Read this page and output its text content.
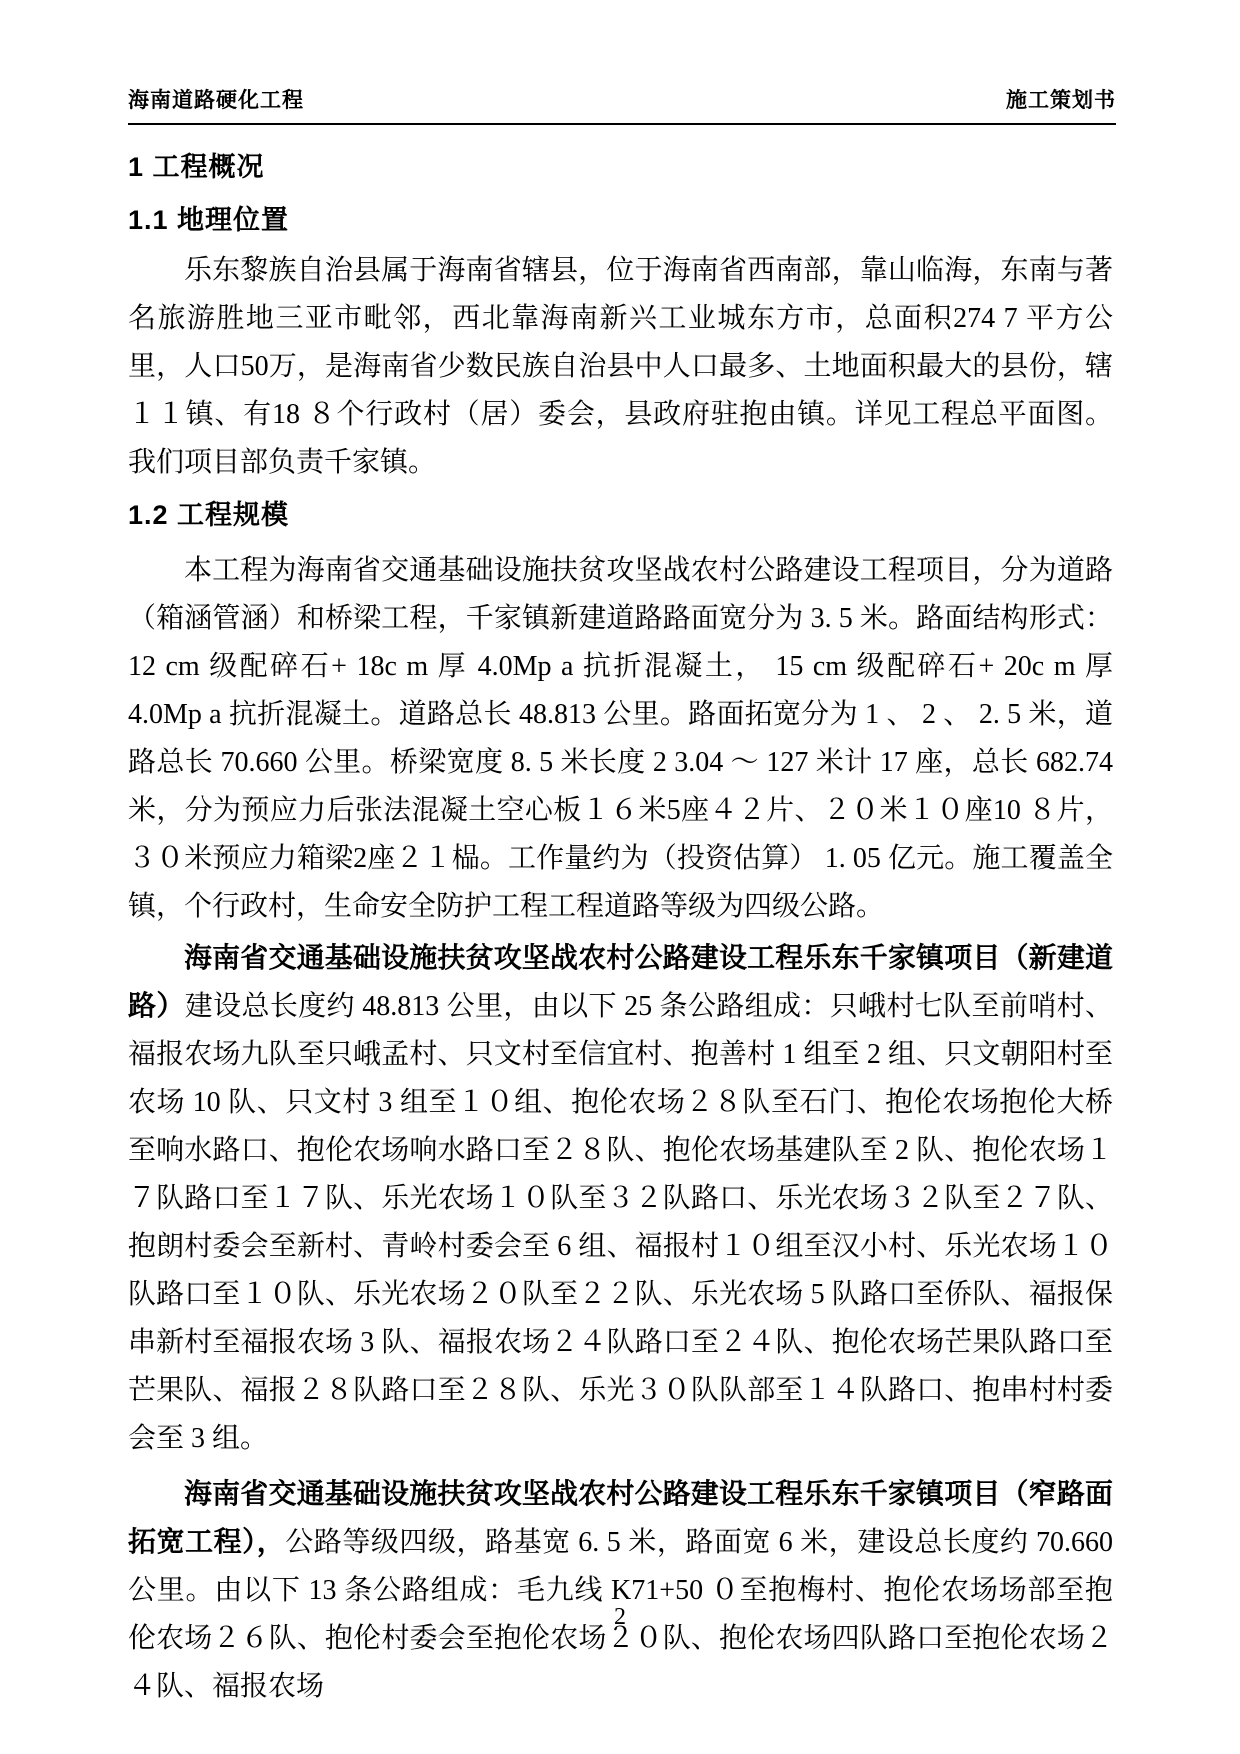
海南道路硬化工程	施工策划书
1 工程概况
1.1 地理位置

乐东黎族自治县属于海南省辖县，位于海南省西南部，靠山临海，东南与著名旅游胜地三亚市毗邻，西北靠海南新兴工业城东方市，总面积274 7 平方公里，人口50万，是海南省少数民族自治县中人口最多、土地面积最大的县份，辖１１镇、有18 ８个行政村（居）委会，县政府驻抱由镇。详见工程总平面图。我们项目部负责千家镇。

1.2 工程规模

本工程为海南省交通基础设施扶贫攻坚战农村公路建设工程项目，分为道路（箱涵管涵）和桥梁工程，千家镇新建道路路面宽分为 3. 5 米。路面结构形式： 12 cm 级配碎石+ 18c m 厚 4.0Mp a 抗折混凝土， 15 cm 级配碎石+ 20c m 厚 4.0Mp a 抗折混凝土。道路总长 48.813 公里。路面拓宽分为 1 、 2 、 2. 5 米，道路总长 70.660 公里。桥梁宽度 8. 5 米长度 2 3.04 ～ 127 米计 17 座，总长 682.74 米，分为预应力后张法混凝土空心板１６米5座４２片、２０米１０座10 ８片，３０米预应力箱梁2座２１榀。工作量约为（投资估算） 1. 05 亿元。施工覆盖全镇，个行政村，生命安全防护工程工程道路等级为四级公路。

海南省交通基础设施扶贫攻坚战农村公路建设工程乐东千家镇项目（新建道路）建设总长度约 48.813 公里，由以下 25 条公路组成：只峨村七队至前哨村、福报农场九队至只峨孟村、只文村至信宜村、抱善村 1 组至 2 组、只文朝阳村至农场 10 队、只文村 3 组至１０组、抱伦农场２８队至石门、抱伦农场抱伦大桥至响水路口、抱伦农场响水路口至２８队、抱伦农场基建队至 2 队、抱伦农场１７队路口至１７队、乐光农场１０队至３２队路口、乐光农场３２队至２７队、抱朗村委会至新村、青岭村委会至 6 组、福报村１０组至汉小村、乐光农场１０队路口至１０队、乐光农场２０队至２２队、乐光农场 5 队路口至侨队、福报保串新村至福报农场 3 队、福报农场２４队路口至２４队、抱伦农场芒果队路口至芒果队、福报２８队路口至２８队、乐光３０队队部至１４队路口、抱串村村委会至 3 组。

海南省交通基础设施扶贫攻坚战农村公路建设工程乐东千家镇项目（窄路面拓宽工程），公路等级四级，路基宽 6. 5 米，路面宽 6 米，建设总长度约 70.660 公里。由以下 13 条公路组成：毛九线 K71+50 ０至抱梅村、抱伦农场场部至抱伦农场２６队、抱伦村委会至抱伦农场２０队、抱伦农场四队路口至抱伦农场２４队、福报农场

2
